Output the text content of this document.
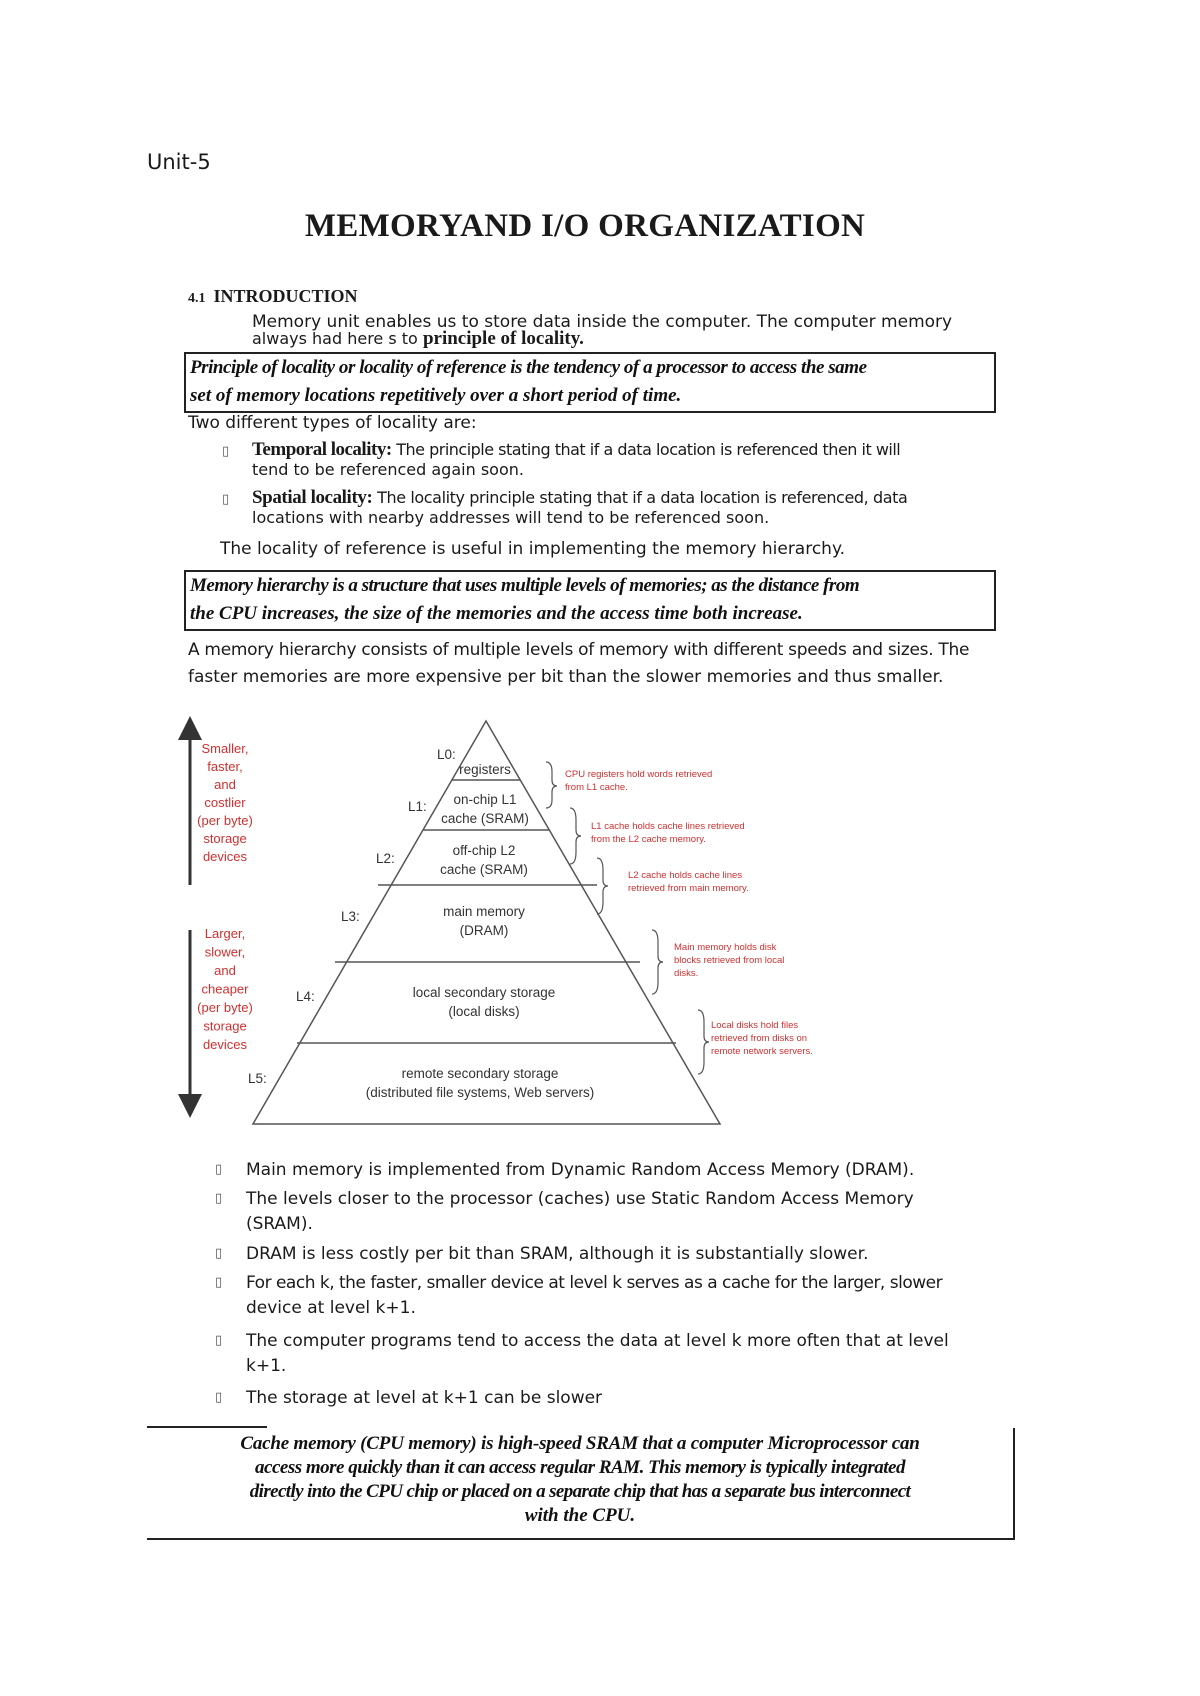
Unit-5
MEMORYAND I/O ORGANIZATION
4.1 INTRODUCTION
Memory unit enables us to store data inside the computer. The computer memory
always had here s to principle of locality.
Principle of locality or locality of reference is the tendency of a processor to access the same
set of memory locations repetitively over a short period of time.
Two different types of locality are:
▯ Temporal locality: The principle stating that if a data location is referenced then it will
tend to be referenced again soon.
▯ Spatial locality: The locality principle stating that if a data location is referenced, data
locations with nearby addresses will tend to be referenced soon.
The locality of reference is useful in implementing the memory hierarchy.
Memory hierarchy is a structure that uses multiple levels of memories; as the distance from
the CPU increases, the size of the memories and the access time both increase.
A memory hierarchy consists of multiple levels of memory with different speeds and sizes. The
faster memories are more expensive per bit than the slower memories and thus smaller.
Smaller,
faster,
and
costlier
(per byte)
storage
devices
Larger,
slower,
and
cheaper
(per byte)
storage
devices
L0:
registers
L1: on-chip L1
cache (SRAM)
L2:
off-chip L2
cache (SRAM)
L3:	main memory
(DRAM)
L4:	local secondary storage
(local disks)
L5:	remote secondary storage
(distributed file systems, Web servers)
CPU registers hold words retrieved
from L1 cache.
L1 cache holds cache lines retrieved
from the L2 cache memory.
L2 cache holds cache lines
retrieved from main memory.
Main memory holds disk
blocks retrieved from local
disks.
Local disks hold files
retrieved from disks on
remote network servers.
▯ Main memory is implemented from Dynamic Random Access Memory (DRAM).
▯ The levels closer to the processor (caches) use Static Random Access Memory
(SRAM).
▯ DRAM is less costly per bit than SRAM, although it is substantially slower.
▯ For each k, the faster, smaller device at level k serves as a cache for the larger, slower
device at level k+1.
▯ The computer programs tend to access the data at level k more often that at level
k+1.
▯ The storage at level at k+1 can be slower
Cache memory (CPU memory) is high-speed SRAM that a computer Microprocessor can
access more quickly than it can access regular RAM. This memory is typically integrated
directly into the CPU chip or placed on a separate chip that has a separate bus interconnect
with the CPU.
